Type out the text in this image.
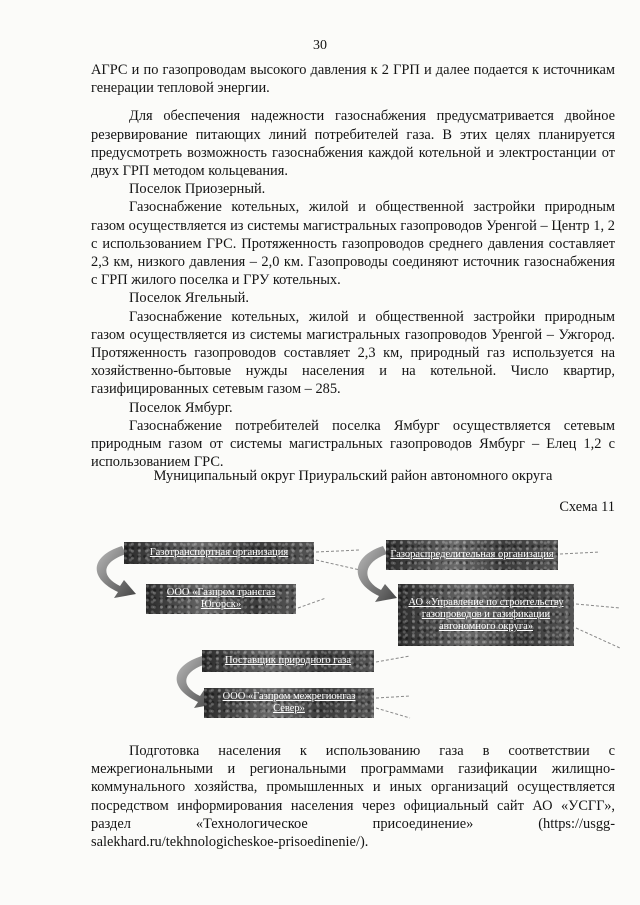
30

АГРС и по газопроводам высокого давления к 2 ГРП и далее подается к источникам генерации тепловой энергии.

Для обеспечения надежности газоснабжения предусматривается двойное резервирование питающих линий потребителей газа. В этих целях планируется предусмотреть возможность газоснабжения каждой котельной и электростанции от двух ГРП методом кольцевания.

Поселок Приозерный.

Газоснабжение котельных, жилой и общественной застройки природным газом осуществляется из системы магистральных газопроводов Уренгой – Центр 1, 2 с использованием ГРС. Протяженность газопроводов среднего давления составляет 2,3 км, низкого давления – 2,0 км. Газопроводы соединяют источник газоснабжения с ГРП жилого поселка и ГРУ котельных.

Поселок Ягельный.

Газоснабжение котельных, жилой и общественной застройки природным газом осуществляется из системы магистральных газопроводов Уренгой – Ужгород. Протяженность газопроводов составляет 2,3 км, природный газ используется на хозяйственно-бытовые нужды населения и на котельной. Число квартир, газифицированных сетевым газом – 285.

Поселок Ямбург.

Газоснабжение потребителей поселка Ямбург осуществляется сетевым природным газом от системы магистральных газопроводов Ямбург – Елец 1,2 с использованием ГРС.

Муниципальный округ Приуральский район автономного округа
Схема 11
Газотранспортная организация
ООО «Газпром трансгаз Югорск»
Газораспределительная организация
АО «Управление по строительству газопроводов и газификации автономного округа»
Поставщик природного газа
ООО «Газпром межрегионгаз Север»

Подготовка населения к использованию газа в соответствии с межрегиональными и региональными программами газификации жилищно-коммунального хозяйства, промышленных и иных организаций осуществляется посредством информирования населения через официальный сайт АО «УСГГ», раздел «Технологическое присоединение» (https://usgg-salekhard.ru/tekhnologicheskoe-prisoedinenie/).
